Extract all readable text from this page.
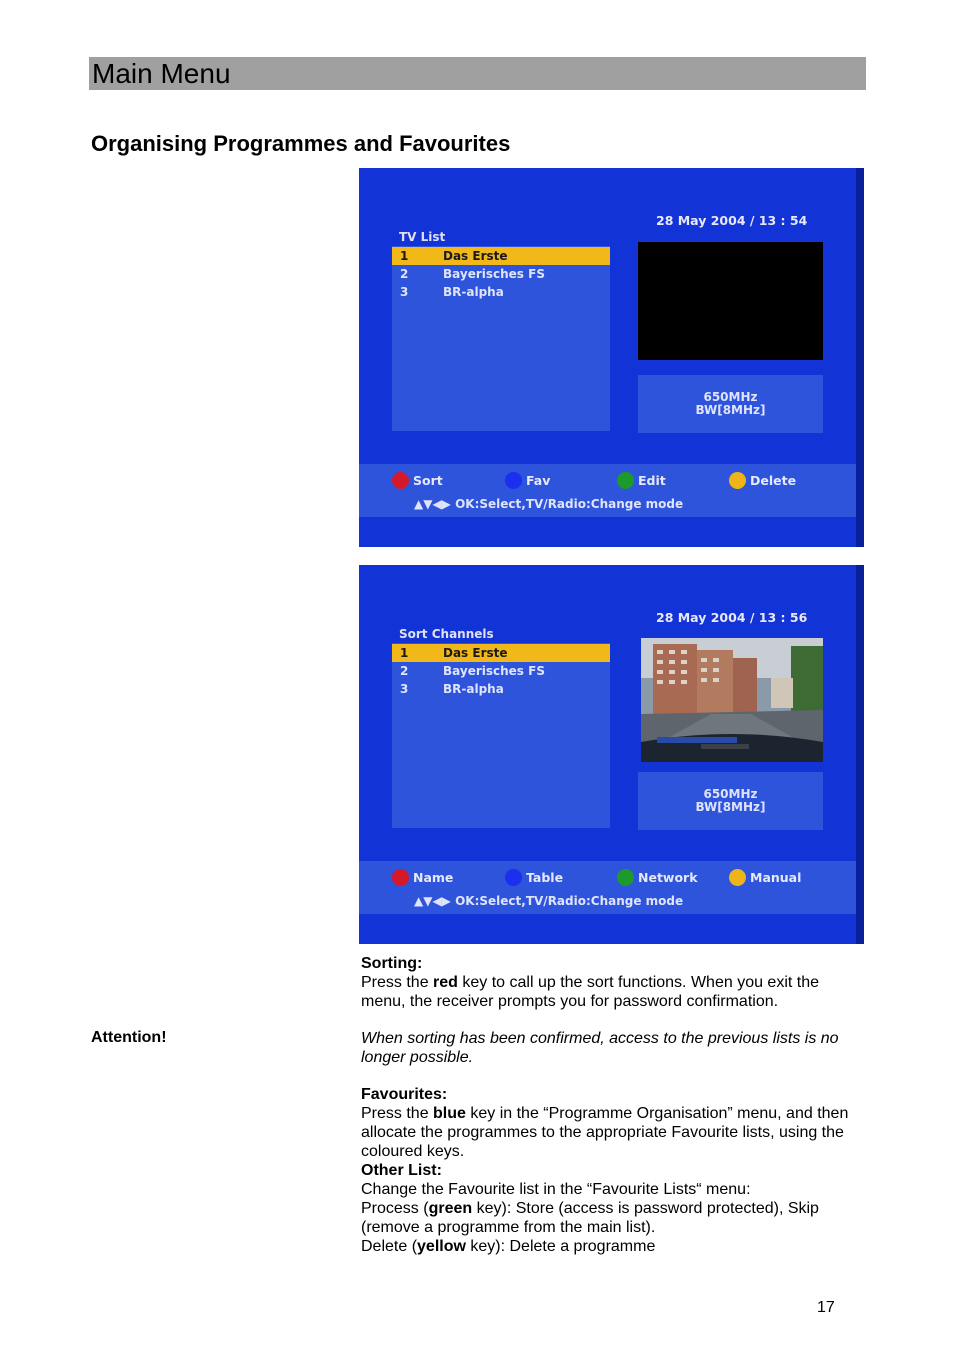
Main Menu
Organising Programmes and Favourites
28 May 2004 / 13 : 54
TV List
1	Das Erste
2	Bayerisches FS
3	BR-alpha
650MHz
BW[8MHz]
Sort	Fav	Edit	Delete
▲▼◀▶ OK:Select,TV/Radio:Change mode
28 May 2004 / 13 : 56
Sort Channels
1	Das Erste
2	Bayerisches FS
3	BR-alpha
650MHz
BW[8MHz]
Name	Table	Network	Manual
▲▼◀▶ OK:Select,TV/Radio:Change mode
Sorting:
Press the red key to call up the sort functions. When you exit the
menu, the receiver prompts you for password confirmation.
Attention!	When sorting has been confirmed, access to the previous lists is no
longer possible.
Favourites:
Press the blue key in the “Programme Organisation” menu, and then
allocate the programmes to the appropriate Favourite lists, using the
coloured keys.
Other List:
Change the Favourite list in the “Favourite Lists“ menu:
Process (green key): Store (access is password protected), Skip
(remove a programme from the main list).
Delete (yellow key): Delete a programme
17
